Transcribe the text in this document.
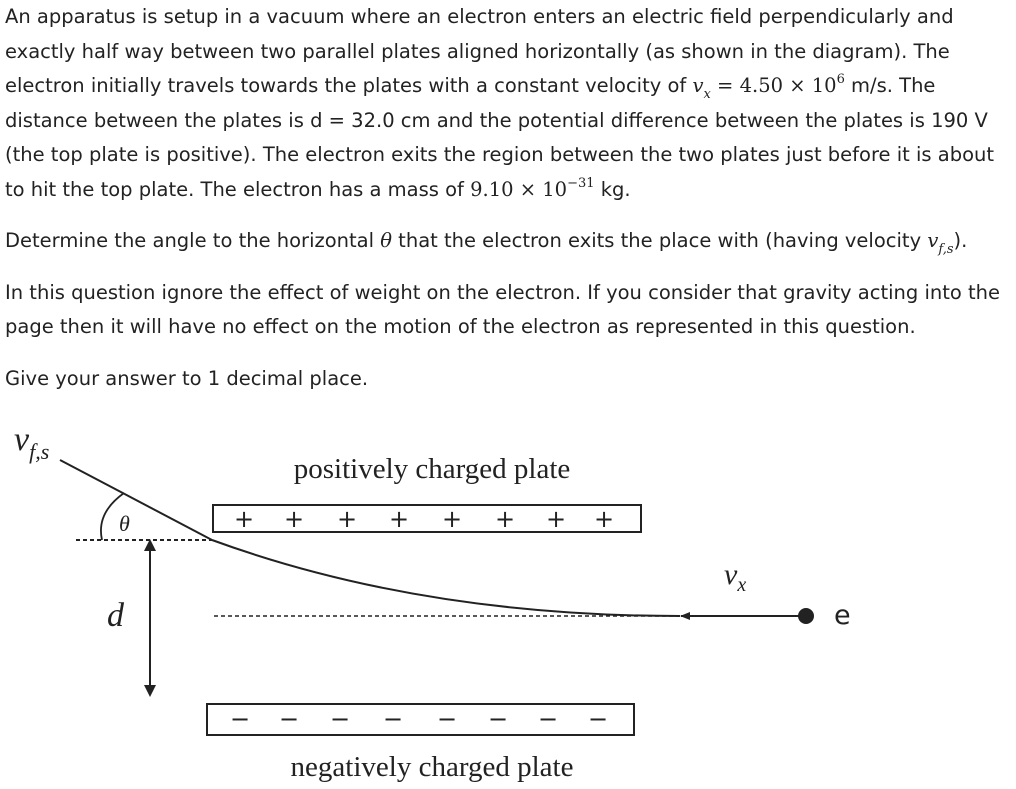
An apparatus is setup in a vacuum where an electron enters an electric field perpendicularly and exactly half way between two parallel plates aligned horizontally (as shown in the diagram). The electron initially travels towards the plates with a constant velocity of $v_x = 4.50 \times 10^6$ m/s. The distance between the plates is d = 32.0 cm and the potential difference between the plates is 190 V (the top plate is positive). The electron exits the region between the two plates just before it is about to hit the top plate. The electron has a mass of $9.10 \times 10^{-31}$ kg.

Determine the angle to the horizontal θ that the electron exits the place with (having velocity $v_{f,s}$).

In this question ignore the effect of weight on the electron. If you consider that gravity acting into the page then it will have no effect on the motion of the electron as represented in this question.

Give your answer to 1 decimal place.

$v_{f,s}$
θ
d
positively charged plate
+ + + + + + + +
− − − − − − − −
negatively charged plate
$v_x$
e
